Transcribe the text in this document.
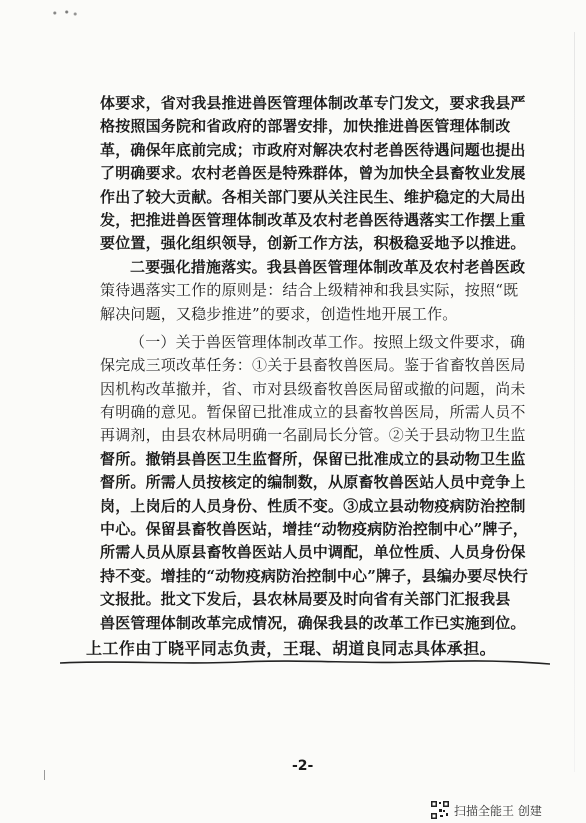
体要求，省对我县推进兽医管理体制改革专门发文，要求我县严
格按照国务院和省政府的部署安排，加快推进兽医管理体制改
革，确保年底前完成；市政府对解决农村老兽医待遇问题也提出
了明确要求。农村老兽医是特殊群体，曾为加快全县畜牧业发展
作出了较大贡献。各相关部门要从关注民生、维护稳定的大局出
发，把推进兽医管理体制改革及农村老兽医待遇落实工作摆上重
要位置，强化组织领导，创新工作方法，积极稳妥地予以推进。
二要强化措施落实。我县兽医管理体制改革及农村老兽医政
策待遇落实工作的原则是：结合上级精神和我县实际，按照“既
解决问题，又稳步推进”的要求，创造性地开展工作。
（一）关于兽医管理体制改革工作。按照上级文件要求，确
保完成三项改革任务：①关于县畜牧兽医局。鉴于省畜牧兽医局
因机构改革撤并，省、市对县级畜牧兽医局留或撤的问题，尚未
有明确的意见。暂保留已批准成立的县畜牧兽医局，所需人员不
再调剂，由县农林局明确一名副局长分管。②关于县动物卫生监
督所。撤销县兽医卫生监督所，保留已批准成立的县动物卫生监
督所。所需人员按核定的编制数，从原畜牧兽医站人员中竞争上
岗，上岗后的人员身份、性质不变。③成立县动物疫病防治控制
中心。保留县畜牧兽医站，增挂“动物疫病防治控制中心”牌子，
所需人员从原县畜牧兽医站人员中调配，单位性质、人员身份保
持不变。增挂的“动物疫病防治控制中心”牌子，县编办要尽快行
文报批。批文下发后，县农林局要及时向省有关部门汇报我县
兽医管理体制改革完成情况，确保我县的改革工作已实施到位。
上工作由丁晓平同志负责，王琨、胡道良同志具体承担。
-2-
扫描全能王 创建
